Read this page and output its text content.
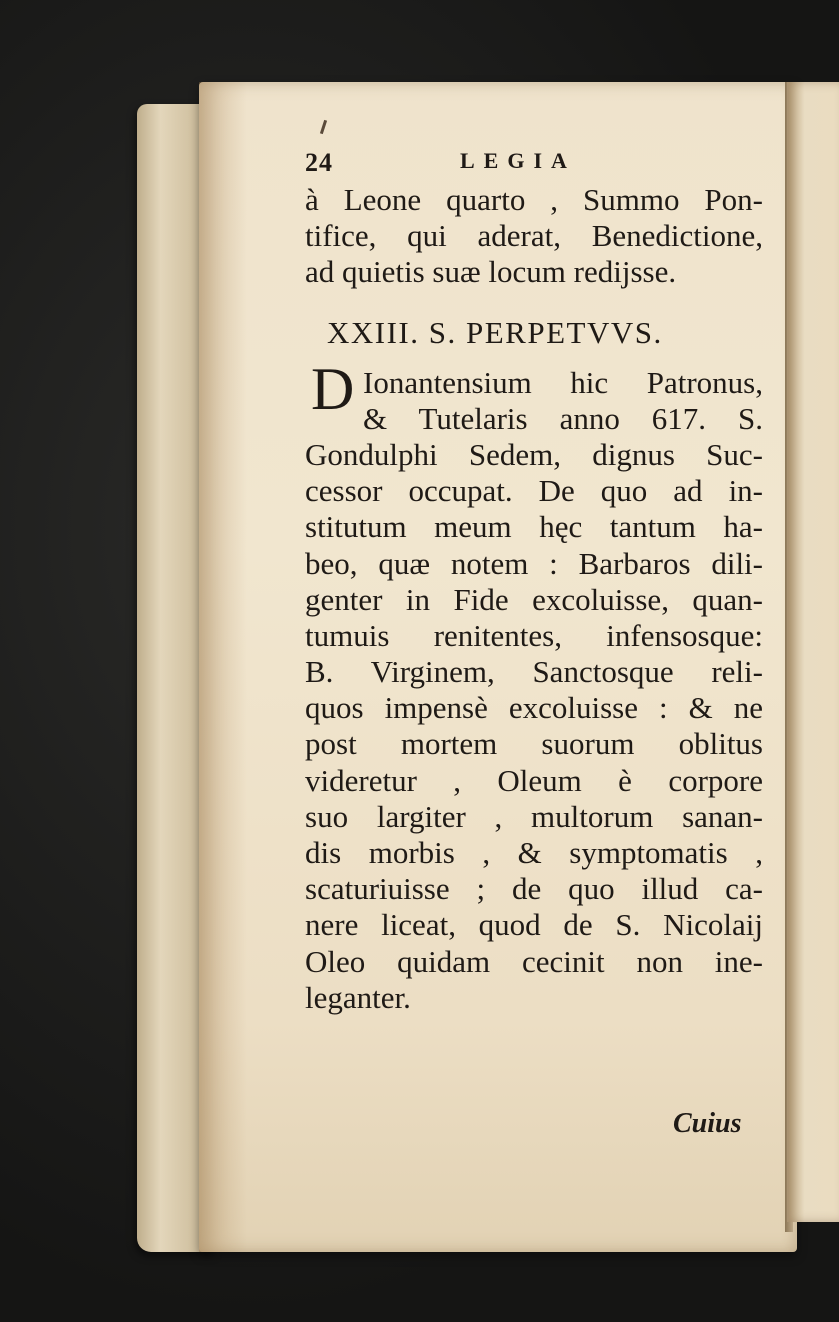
24	LEGIA
à Leone quarto , Summo Pon-
tifice, qui aderat, Benedictione,
ad quietis suæ locum redijsse.
XXIII. S. PERPETVVS.
D Ionantensium hic Patronus,
& Tutelaris anno 617. S.
Gondulphi Sedem, dignus Suc-
cessor occupat. De quo ad in-
stitutum meum hęc tantum ha-
beo, quæ notem : Barbaros dili-
genter in Fide excoluisse, quan-
tumuis renitentes, infensosque:
B. Virginem, Sanctosque reli-
quos impensè excoluisse : & ne
post mortem suorum oblitus
videretur , Oleum è corpore
suo largiter , multorum sanan-
dis morbis , & symptomatis ,
scaturiuisse ; de quo illud ca-
nere liceat, quod de S. Nicolaij
Oleo quidam cecinit non ine-
leganter.
Cuius
